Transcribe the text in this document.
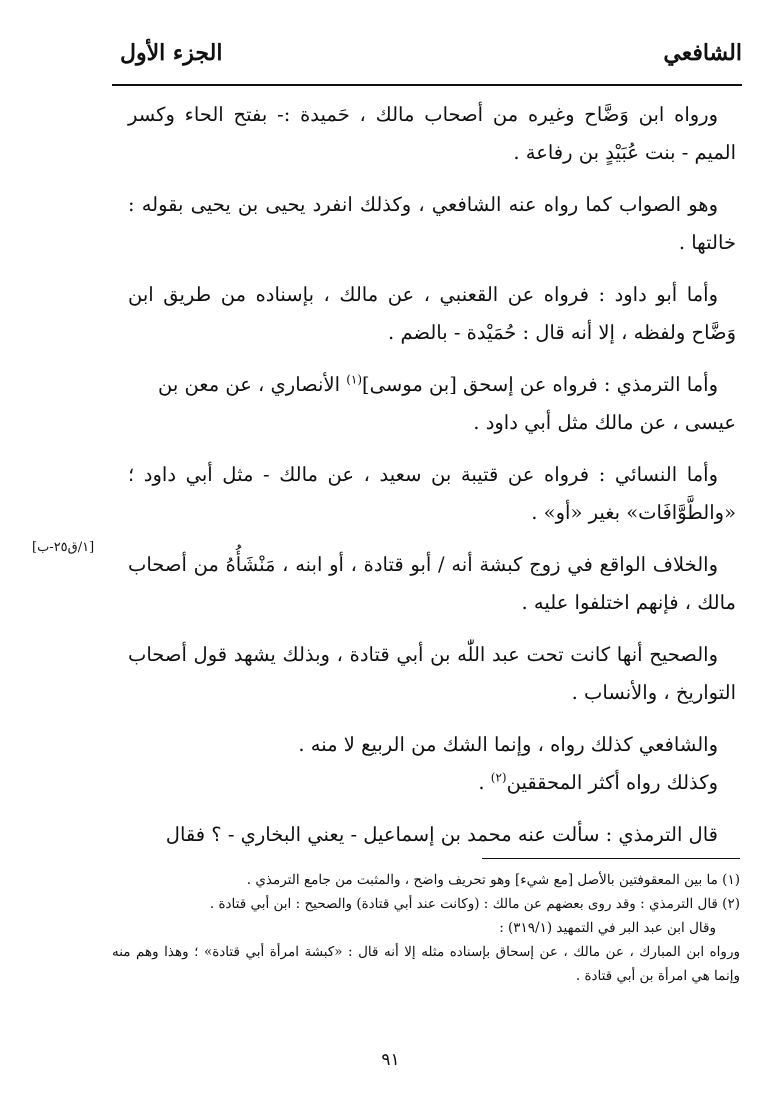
الشافعي
الجزء الأول

ورواه ابن وَضَّاح وغيره من أصحاب مالك ، حَميدة :- بفتح الحاء وكسر الميم - بنت عُبَيْدٍ بن رفاعة .

وهو الصواب كما رواه عنه الشافعي ، وكذلك انفرد يحيى بن يحيى بقوله : خالتها .

وأما أبو داود : فرواه عن القعنبي ، عن مالك ، بإسناده من طريق ابن وَضَّاح ولفظه ، إلا أنه قال : حُمَيْدة - بالضم .

وأما الترمذي : فرواه عن إسحق [بن موسى]$^{(١)}$ الأنصاري ، عن معن بن

عيسى ، عن مالك مثل أبي داود .

وأما النسائي : فرواه عن قتيبة بن سعيد ، عن مالك - مثل أبي داود ؛ «والطَّوَّافَات» بغير «أو» .

والخلاف الواقع في زوج كبشة أنه / أبو قتادة ، أو ابنه ، مَنْشَأُهُ من أصحاب مالك ، فإنهم اختلفوا عليه .

والصحيح أنها كانت تحت عبد اللّٰه بن أبي قتادة ، وبذلك يشهد قول أصحاب التواريخ ، والأنساب .

والشافعي كذلك رواه ، وإنما الشك من الربيع لا منه .

وكذلك رواه أكثر المحققين$^{(٢)}$ .

قال الترمذي : سألت عنه محمد بن إسماعيل - يعني البخاري - ؟ فقال

[١/ق٢٥-ب]

(١) ما بين المعقوفتين بالأصل [مع شيء] وهو تحريف واضح ، والمثبت من جامع الترمذي .

(٢) قال الترمذي : وقد روى بعضهم عن مالك : (وكانت عند أبي قتادة) والصحيح : ابن أبي قتادة .

وقال ابن عبد البر في التمهيد (٣١٩/١) :

ورواه ابن المبارك ، عن مالك ، عن إسحاق بإسناده مثله إلا أنه قال : «كبشة امرأة أبي قتادة» ؛ وهذا وهم منه وإنما هي امرأة بن أبي قتادة .

٩١
